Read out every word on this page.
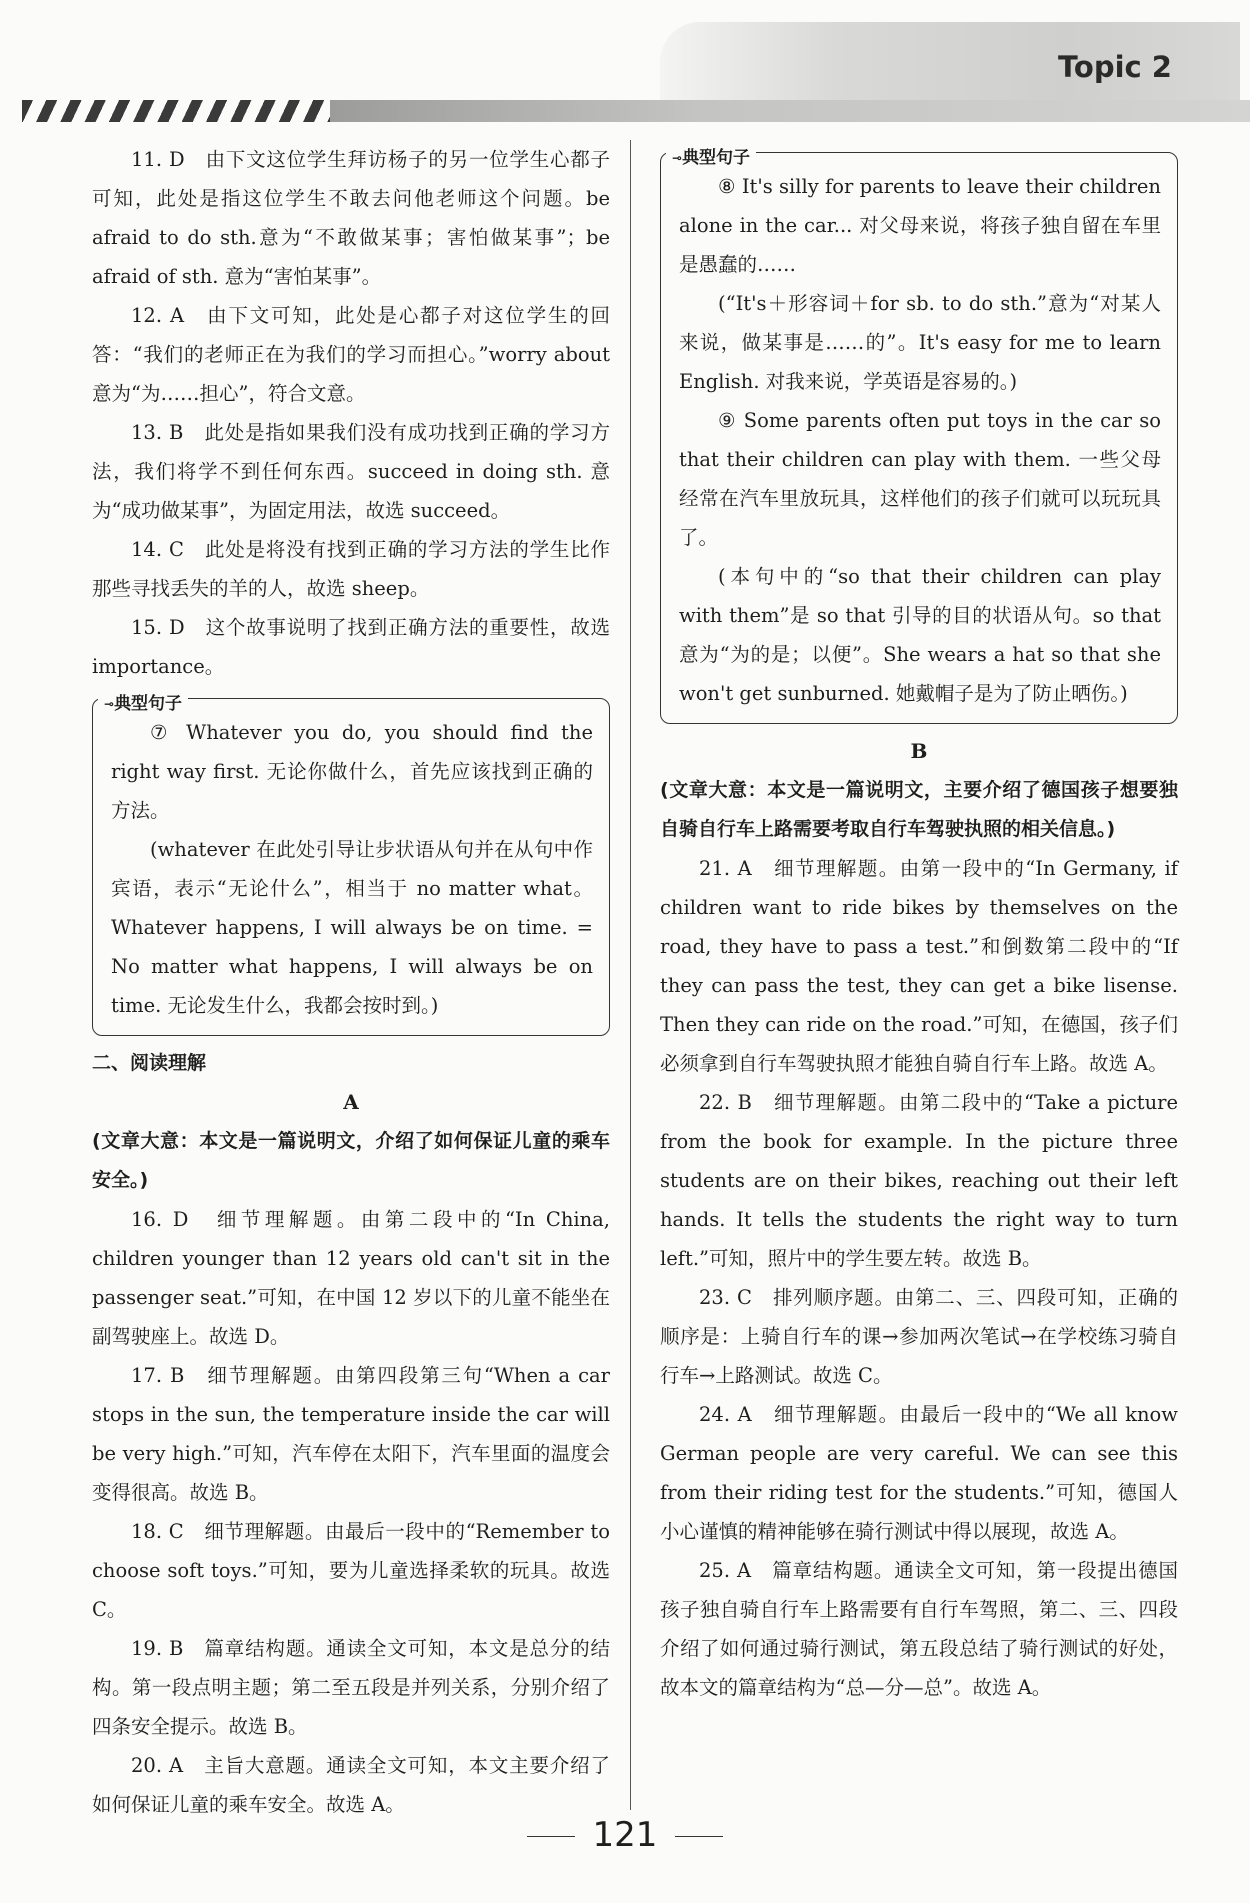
Topic 2

11. D　由下文这位学生拜访杨子的另一位学生心都子可知，此处是指这位学生不敢去问他老师这个问题。be afraid to do sth.意为“不敢做某事；害怕做某事”；be afraid of sth. 意为“害怕某事”。

12. A　由下文可知，此处是心都子对这位学生的回答：“我们的老师正在为我们的学习而担心。”worry about 意为“为……担心”，符合文意。

13. B　此处是指如果我们没有成功找到正确的学习方法，我们将学不到任何东西。succeed in doing sth. 意为“成功做某事”，为固定用法，故选 succeed。

14. C　此处是将没有找到正确的学习方法的学生比作那些寻找丢失的羊的人，故选 sheep。

15. D　这个故事说明了找到正确方法的重要性，故选 importance。

⊸典型句子

⑦ Whatever you do, you should find the right way first. 无论你做什么，首先应该找到正确的方法。

(whatever 在此处引导让步状语从句并在从句中作宾语，表示“无论什么”，相当于 no matter what。Whatever happens, I will always be on time. = No matter what happens, I will always be on time. 无论发生什么，我都会按时到。)

二、阅读理解

A

(文章大意：本文是一篇说明文，介绍了如何保证儿童的乘车安全。)

16. D　细节理解题。由第二段中的“In China, children younger than 12 years old can't sit in the passenger seat.”可知，在中国 12 岁以下的儿童不能坐在副驾驶座上。故选 D。

17. B　细节理解题。由第四段第三句“When a car stops in the sun, the temperature inside the car will be very high.”可知，汽车停在太阳下，汽车里面的温度会变得很高。故选 B。

18. C　细节理解题。由最后一段中的“Remember to choose soft toys.”可知，要为儿童选择柔软的玩具。故选 C。

19. B　篇章结构题。通读全文可知，本文是总分的结构。第一段点明主题；第二至五段是并列关系，分别介绍了四条安全提示。故选 B。

20. A　主旨大意题。通读全文可知，本文主要介绍了如何保证儿童的乘车安全。故选 A。

⊸典型句子

⑧ It's silly for parents to leave their children alone in the car... 对父母来说，将孩子独自留在车里是愚蠢的……

(“It's＋形容词＋for sb. to do sth.”意为“对某人来说，做某事是……的”。It's easy for me to learn English. 对我来说，学英语是容易的。)

⑨ Some parents often put toys in the car so that their children can play with them. 一些父母经常在汽车里放玩具，这样他们的孩子们就可以玩玩具了。

(本句中的“so that their children can play with them”是 so that 引导的目的状语从句。so that 意为“为的是；以便”。She wears a hat so that she won't get sunburned. 她戴帽子是为了防止晒伤。)

B

(文章大意：本文是一篇说明文，主要介绍了德国孩子想要独自骑自行车上路需要考取自行车驾驶执照的相关信息。)

21. A　细节理解题。由第一段中的“In Germany, if children want to ride bikes by themselves on the road, they have to pass a test.”和倒数第二段中的“If they can pass the test, they can get a bike lisense. Then they can ride on the road.”可知，在德国，孩子们必须拿到自行车驾驶执照才能独自骑自行车上路。故选 A。

22. B　细节理解题。由第二段中的“Take a picture from the book for example. In the picture three students are on their bikes, reaching out their left hands. It tells the students the right way to turn left.”可知，照片中的学生要左转。故选 B。

23. C　排列顺序题。由第二、三、四段可知，正确的顺序是：上骑自行车的课→参加两次笔试→在学校练习骑自行车→上路测试。故选 C。

24. A　细节理解题。由最后一段中的“We all know German people are very careful. We can see this from their riding test for the students.”可知，德国人小心谨慎的精神能够在骑行测试中得以展现，故选 A。

25. A　篇章结构题。通读全文可知，第一段提出德国孩子独自骑自行车上路需要有自行车驾照，第二、三、四段介绍了如何通过骑行测试，第五段总结了骑行测试的好处，故本文的篇章结构为“总—分—总”。故选 A。

121
